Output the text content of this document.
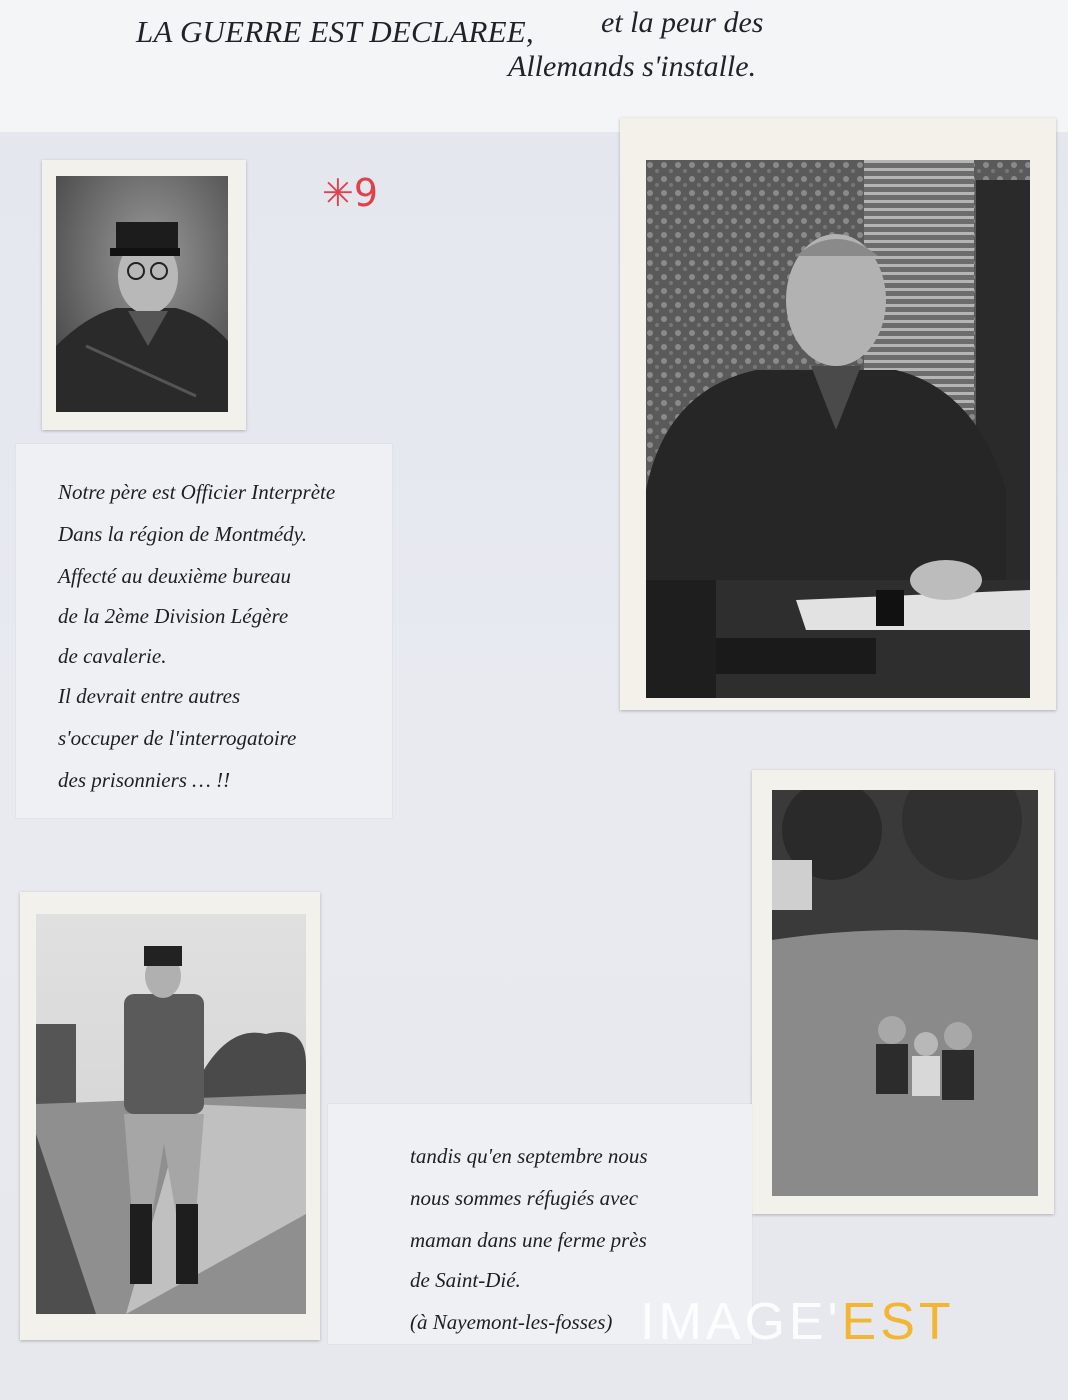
LA GUERRE EST DECLAREE, et la peur des
Allemands s'installe.
✳9
Notre père est Officier Interprète
Dans la région de Montmédy.
Affecté au deuxième bureau
de la 2ème Division Légère
de cavalerie.
Il devrait entre autres
s'occuper de l'interrogatoire
des prisonniers … !!
tandis qu'en septembre nous
nous sommes réfugiés avec
maman dans une ferme près
de Saint-Dié.
(à Nayemont-les-fosses) IMAGE'EST
